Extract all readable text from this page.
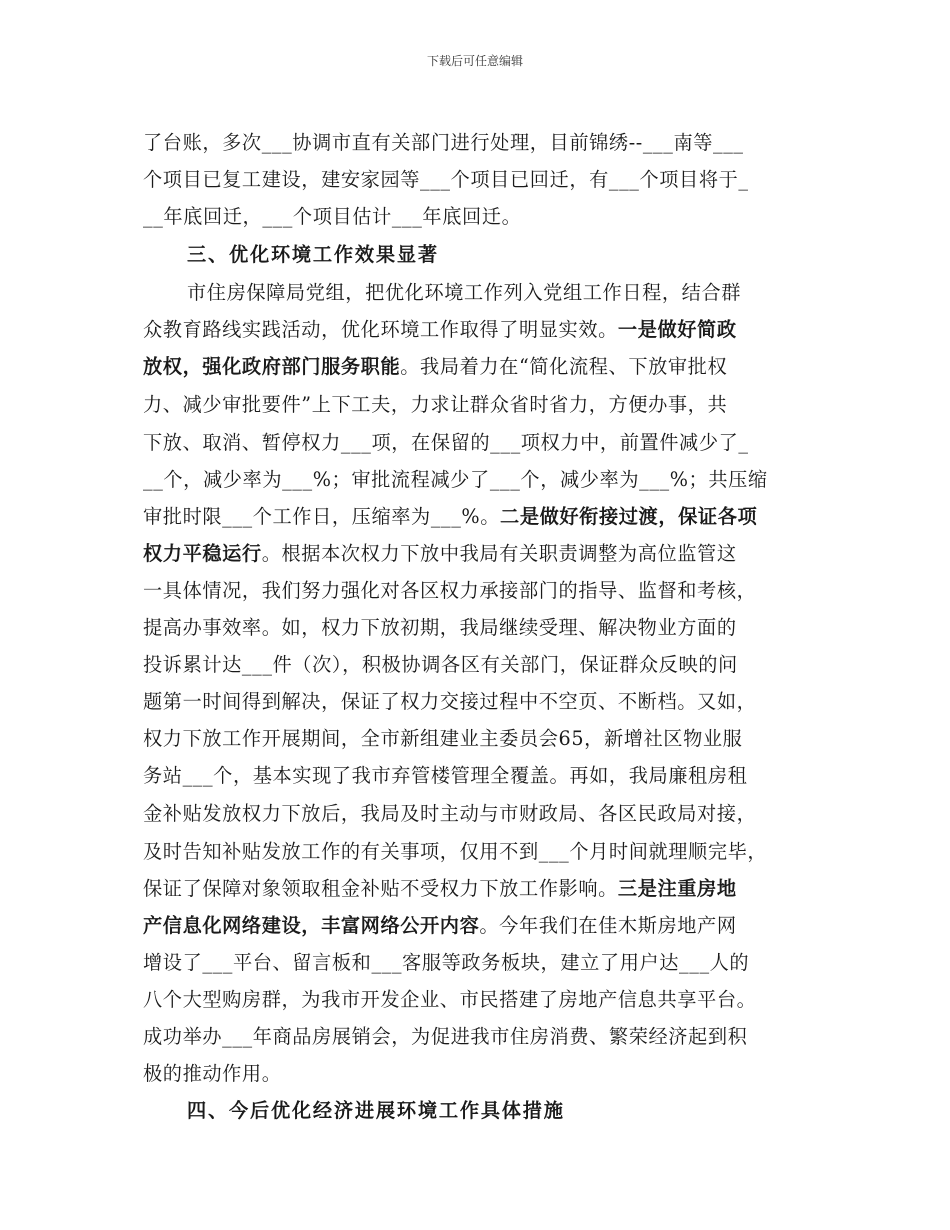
下载后可任意编辑
了台账，多次___协调市直有关部门进行处理，目前锦绣--___南等___
个项目已复工建设，建安家园等___个项目已回迁，有___个项目将于_
__年底回迁，___个项目估计___年底回迁。
三、优化环境工作效果显著
市住房保障局党组，把优化环境工作列入党组工作日程，结合群
众教育路线实践活动，优化环境工作取得了明显实效。一是做好简政
放权，强化政府部门服务职能。我局着力在“简化流程、下放审批权
力、减少审批要件”上下工夫，力求让群众省时省力，方便办事，共
下放、取消、暂停权力___项，在保留的___项权力中，前置件减少了_
__个，减少率为___%；审批流程减少了___个，减少率为___%；共压缩
审批时限___个工作日，压缩率为___%。二是做好衔接过渡，保证各项
权力平稳运行。根据本次权力下放中我局有关职责调整为高位监管这
一具体情况，我们努力强化对各区权力承接部门的指导、监督和考核，
提高办事效率。如，权力下放初期，我局继续受理、解决物业方面的
投诉累计达___件（次），积极协调各区有关部门，保证群众反映的问
题第一时间得到解决，保证了权力交接过程中不空页、不断档。又如，
权力下放工作开展期间，全市新组建业主委员会65，新增社区物业服
务站___个，基本实现了我市弃管楼管理全覆盖。再如，我局廉租房租
金补贴发放权力下放后，我局及时主动与市财政局、各区民政局对接，
及时告知补贴发放工作的有关事项，仅用不到___个月时间就理顺完毕，
保证了保障对象领取租金补贴不受权力下放工作影响。三是注重房地
产信息化网络建设，丰富网络公开内容。今年我们在佳木斯房地产网
增设了___平台、留言板和___客服等政务板块，建立了用户达___人的
八个大型购房群，为我市开发企业、市民搭建了房地产信息共享平台。
成功举办___年商品房展销会，为促进我市住房消费、繁荣经济起到积
极的推动作用。
四、今后优化经济进展环境工作具体措施
